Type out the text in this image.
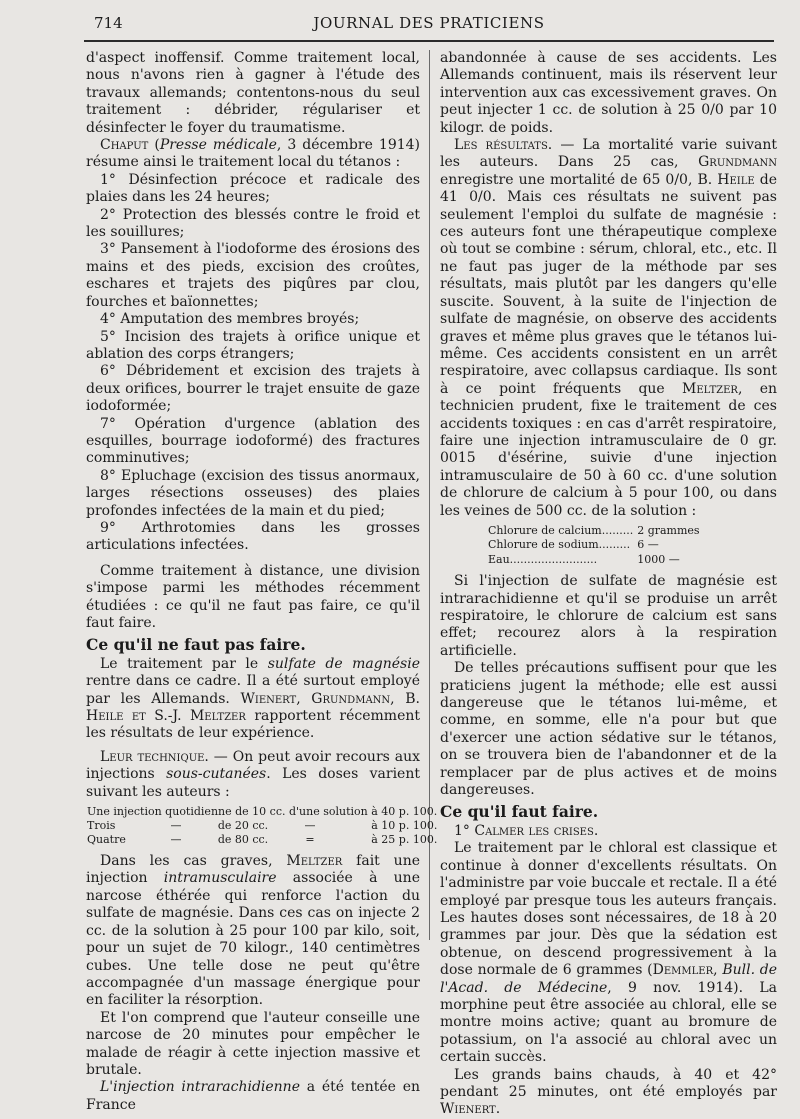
714	JOURNAL DES PRATICIENS

d'aspect inoffensif. Comme traitement local, nous n'avons rien à gagner à l'étude des travaux allemands; contentons-nous du seul traitement : débrider, régulariser et désinfecter le foyer du traumatisme.

Chaput (Presse médicale, 3 décembre 1914) résume ainsi le traitement local du tétanos :

1° Désinfection précoce et radicale des plaies dans les 24 heures;

2° Protection des blessés contre le froid et les souillures;

3° Pansement à l'iodoforme des érosions des mains et des pieds, excision des croûtes, eschares et trajets des piqûres par clou, fourches et baïonnettes;

4° Amputation des membres broyés;

5° Incision des trajets à orifice unique et ablation des corps étrangers;

6° Débridement et excision des trajets à deux orifices, bourrer le trajet ensuite de gaze iodoformée;

7° Opération d'urgence (ablation des esquilles, bourrage iodoformé) des fractures comminutives;

8° Epluchage (excision des tissus anormaux, larges résections osseuses) des plaies profondes infectées de la main et du pied;

9° Arthrotomies dans les grosses articulations infectées.

Comme traitement à distance, une division s'impose parmi les méthodes récemment étudiées : ce qu'il ne faut pas faire, ce qu'il faut faire.

Ce qu'il ne faut pas faire.

Le traitement par le sulfate de magnésie rentre dans ce cadre. Il a été surtout employé par les Allemands. Wienert, Grundmann, B. Heile et S.-J. Meltzer rapportent récemment les résultats de leur expérience.

Leur technique. — On peut avoir recours aux injections sous-cutanées. Les doses varient suivant les auteurs :

Une injection quotidienne de 10 cc. d'une solution à 40 p. 100.				
Trois	—	de 20 cc.	—	à 10 p. 100.
Quatre	—	de 80 cc.	=	à 25 p. 100.

Dans les cas graves, Meltzer fait une injection intramusculaire associée à une narcose éthérée qui renforce l'action du sulfate de magnésie. Dans ces cas on injecte 2 cc. de la solution à 25 pour 100 par kilo, soit, pour un sujet de 70 kilogr., 140 centimètres cubes. Une telle dose ne peut qu'être accompagnée d'un massage énergique pour en faciliter la résorption.

Et l'on comprend que l'auteur conseille une narcose de 20 minutes pour empêcher le malade de réagir à cette injection massive et brutale.

L'injection intrarachidienne a été tentée en France

abandonnée à cause de ses accidents. Les Allemands continuent, mais ils réservent leur intervention aux cas excessivement graves. On peut injecter 1 cc. de solution à 25 0/0 par 10 kilogr. de poids.

Les résultats. — La mortalité varie suivant les auteurs. Dans 25 cas, Grundmann enregistre une mortalité de 65 0/0, B. Heile de 41 0/0. Mais ces résultats ne suivent pas seulement l'emploi du sulfate de magnésie : ces auteurs font une thérapeutique complexe où tout se combine : sérum, chloral, etc., etc. Il ne faut pas juger de la méthode par ses résultats, mais plutôt par les dangers qu'elle suscite. Souvent, à la suite de l'injection de sulfate de magnésie, on observe des accidents graves et même plus graves que le tétanos lui-même. Ces accidents consistent en un arrêt respiratoire, avec collapsus cardiaque. Ils sont à ce point fréquents que Meltzer, en technicien prudent, fixe le traitement de ces accidents toxiques : en cas d'arrêt respiratoire, faire une injection intramusculaire de 0 gr. 0015 d'ésérine, suivie d'une injection intramusculaire de 50 à 60 cc. d'une solution de chlorure de calcium à 5 pour 100, ou dans les veines de 500 cc. de la solution :

Chlorure de calcium.........	2 grammes
Chlorure de sodium.........	6 —
Eau.........................	1000 —

Si l'injection de sulfate de magnésie est intrarachidienne et qu'il se produise un arrêt respiratoire, le chlorure de calcium est sans effet; recourez alors à la respiration artificielle.

De telles précautions suffisent pour que les praticiens jugent la méthode; elle est aussi dangereuse que le tétanos lui-même, et comme, en somme, elle n'a pour but que d'exercer une action sédative sur le tétanos, on se trouvera bien de l'abandonner et de la remplacer par de plus actives et de moins dangereuses.

Ce qu'il faut faire.

1° Calmer les crises.

Le traitement par le chloral est classique et continue à donner d'excellents résultats. On l'administre par voie buccale et rectale. Il a été employé par presque tous les auteurs français. Les hautes doses sont nécessaires, de 18 à 20 grammes par jour. Dès que la sédation est obtenue, on descend progressivement à la dose normale de 6 grammes (Demmler, Bull. de l'Acad. de Médecine, 9 nov. 1914). La morphine peut être associée au chloral, elle se montre moins active; quant au bromure de potassium, on l'a associé au chloral avec un certain succès.

Les grands bains chauds, à 40 et 42° pendant 25 minutes, ont été employés par Wienert.
